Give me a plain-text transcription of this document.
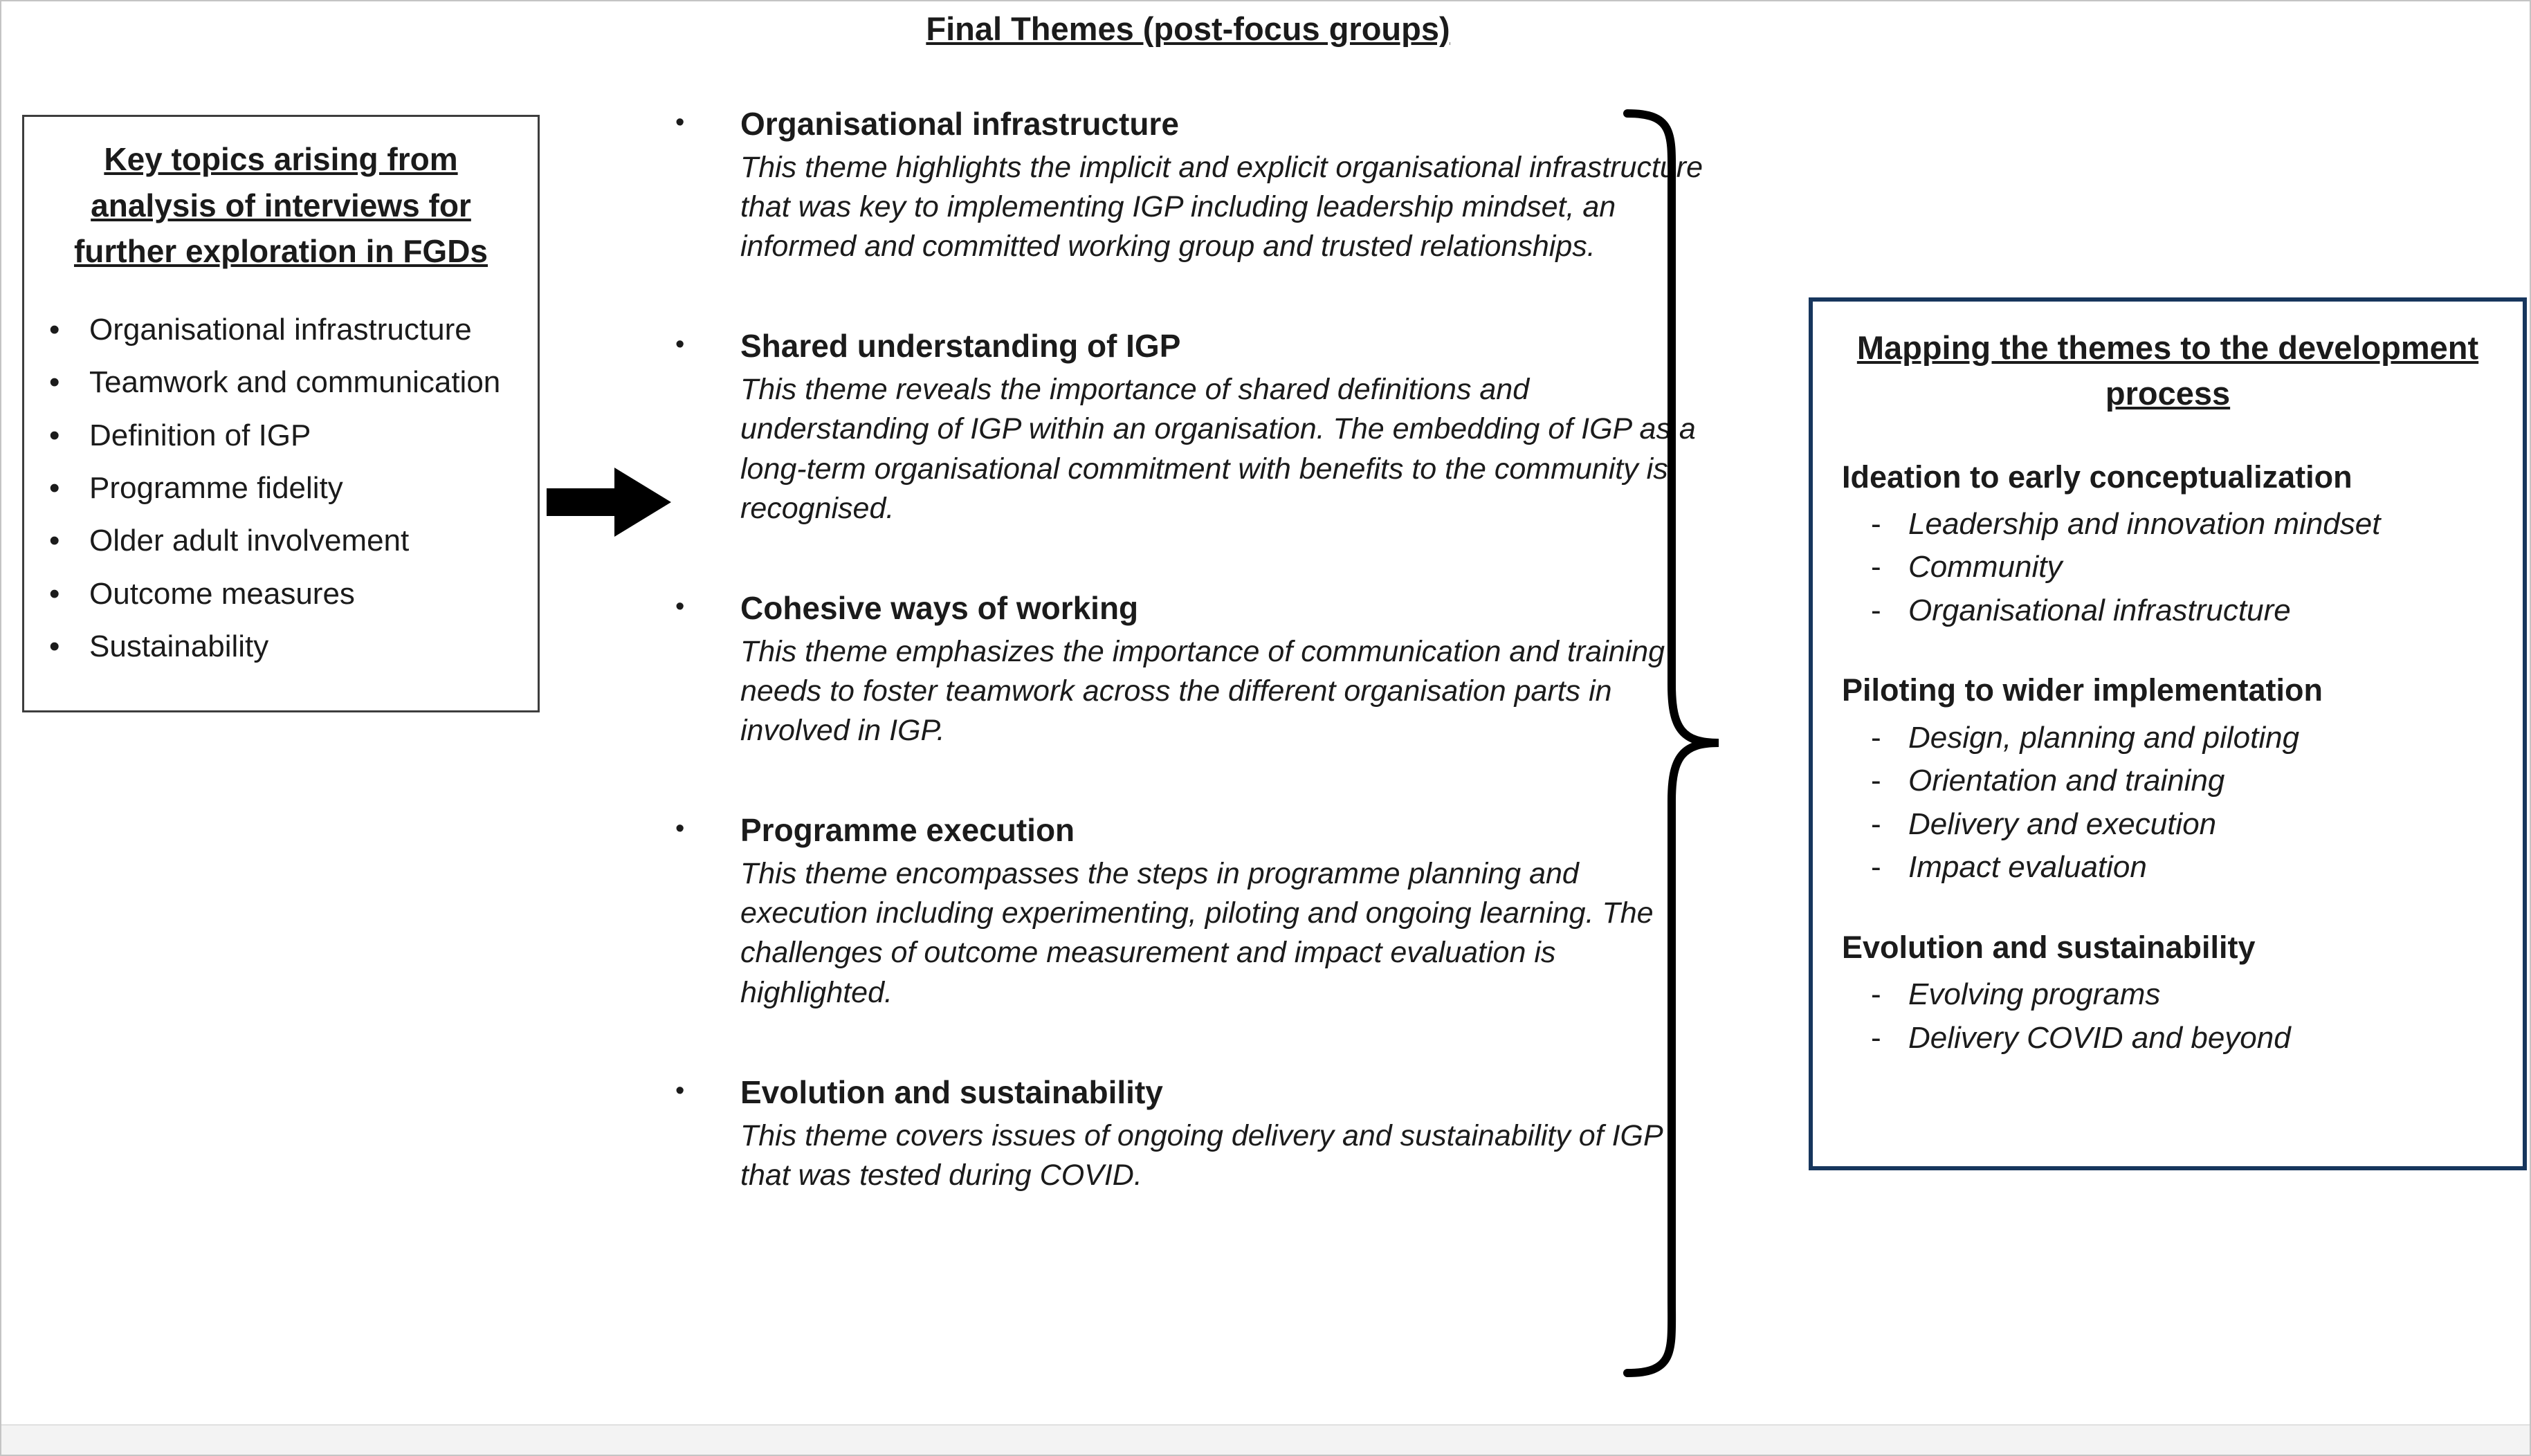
Key topics arising from analysis of interviews for further exploration in FGDs
• Organisational infrastructure
• Teamwork and communication
• Definition of IGP
• Programme fidelity
• Older adult involvement
• Outcome measures
• Sustainability
Final Themes (post-focus groups)
• Organisational infrastructure
This theme highlights the implicit and explicit organisational infrastructure that was key to implementing IGP including leadership mindset, an informed and committed working group and trusted relationships.
• Shared understanding of IGP
This theme reveals the importance of shared definitions and understanding of IGP within an organisation. The embedding of IGP as a long-term organisational commitment with benefits to the community is recognised.
• Cohesive ways of working
This theme emphasizes the importance of communication and training needs to foster teamwork across the different organisation parts in involved in IGP.
• Programme execution
This theme encompasses the steps in programme planning and execution including experimenting, piloting and ongoing learning. The challenges of outcome measurement and impact evaluation is highlighted.
• Evolution and sustainability
This theme covers issues of ongoing delivery and sustainability of IGP that was tested during COVID.
Mapping the themes to the development process
Ideation to early conceptualization
- Leadership and innovation mindset
- Community
- Organisational infrastructure
Piloting to wider implementation
- Design, planning and piloting
- Orientation and training
- Delivery and execution
- Impact evaluation
Evolution and sustainability
- Evolving programs
- Delivery COVID and beyond
